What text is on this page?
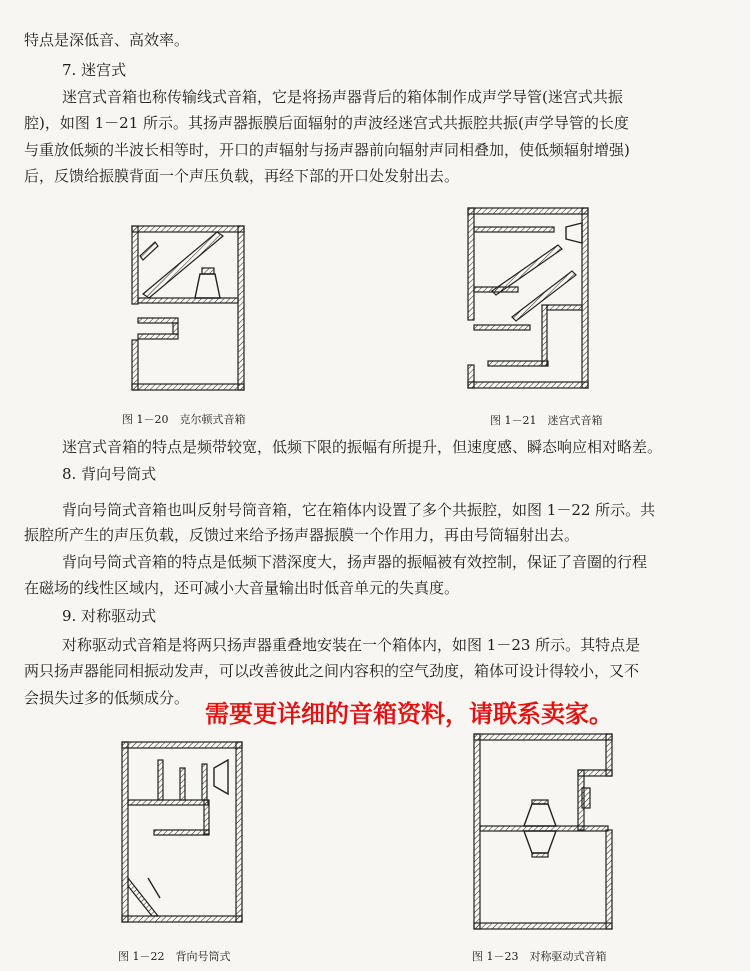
特点是深低音、高效率。
7. 迷宫式
迷宫式音箱也称传输线式音箱，它是将扬声器背后的箱体制作成声学导管(迷宫式共振
腔)，如图 1－21 所示。其扬声器振膜后面辐射的声波经迷宫式共振腔共振(声学导管的长度
与重放低频的半波长相等时，开口的声辐射与扬声器前向辐射声同相叠加，使低频辐射增强)
后，反馈给振膜背面一个声压负载，再经下部的开口处发射出去。
迷宫式音箱的特点是频带较宽，低频下限的振幅有所提升，但速度感、瞬态响应相对略差。
8. 背向号筒式
背向号筒式音箱也叫反射号筒音箱，它在箱体内设置了多个共振腔，如图 1－22 所示。共
振腔所产生的声压负载，反馈过来给予扬声器振膜一个作用力，再由号筒辐射出去。
背向号筒式音箱的特点是低频下潜深度大，扬声器的振幅被有效控制，保证了音圈的行程
在磁场的线性区域内，还可减小大音量输出时低音单元的失真度。
9. 对称驱动式
对称驱动式音箱是将两只扬声器重叠地安装在一个箱体内，如图 1－23 所示。其特点是
两只扬声器能同相振动发声，可以改善彼此之间内容积的空气劲度，箱体可设计得较小，又不
会损失过多的低频成分。
需要更详细的音箱资料，请联系卖家。
图 1－20　克尔顿式音箱	图 1－21　迷宫式音箱
图 1－22　背向号筒式	图 1－23　对称驱动式音箱
